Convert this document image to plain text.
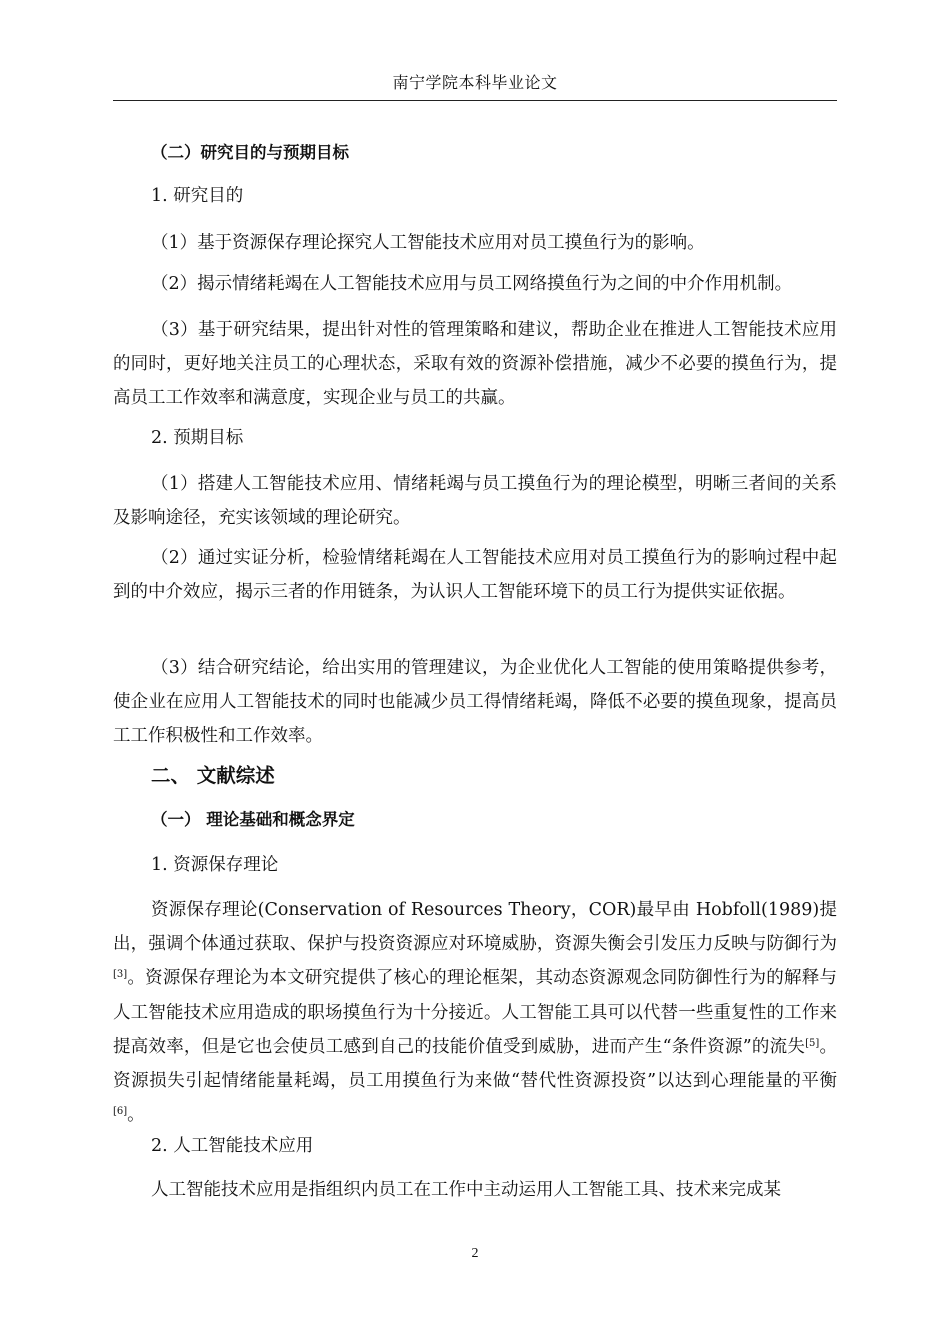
南宁学院本科毕业论文
（二）研究目的与预期目标
1. 研究目的
（1）基于资源保存理论探究人工智能技术应用对员工摸鱼行为的影响。
（2）揭示情绪耗竭在人工智能技术应用与员工网络摸鱼行为之间的中介作用机制。
（3）基于研究结果，提出针对性的管理策略和建议，帮助企业在推进人工智能技术应用的同时，更好地关注员工的心理状态，采取有效的资源补偿措施，减少不必要的摸鱼行为，提高员工工作效率和满意度，实现企业与员工的共赢。
2. 预期目标
（1）搭建人工智能技术应用、情绪耗竭与员工摸鱼行为的理论模型，明晰三者间的关系及影响途径，充实该领域的理论研究。
（2）通过实证分析，检验情绪耗竭在人工智能技术应用对员工摸鱼行为的影响过程中起到的中介效应，揭示三者的作用链条，为认识人工智能环境下的员工行为提供实证依据。
（3）结合研究结论，给出实用的管理建议，为企业优化人工智能的使用策略提供参考，使企业在应用人工智能技术的同时也能减少员工得情绪耗竭，降低不必要的摸鱼现象，提高员工工作积极性和工作效率。
二、 文献综述
（一） 理论基础和概念界定
1. 资源保存理论
资源保存理论(Conservation of Resources Theory，COR)最早由 Hobfoll(1989)提出，强调个体通过获取、保护与投资资源应对环境威胁，资源失衡会引发压力反映与防御行为[3]。资源保存理论为本文研究提供了核心的理论框架，其动态资源观念同防御性行为的解释与人工智能技术应用造成的职场摸鱼行为十分接近。人工智能工具可以代替一些重复性的工作来提高效率，但是它也会使员工感到自己的技能价值受到威胁，进而产生“条件资源”的流失[5]。资源损失引起情绪能量耗竭，员工用摸鱼行为来做“替代性资源投资”以达到心理能量的平衡[6]。
2. 人工智能技术应用
人工智能技术应用是指组织内员工在工作中主动运用人工智能工具、技术来完成某
2
